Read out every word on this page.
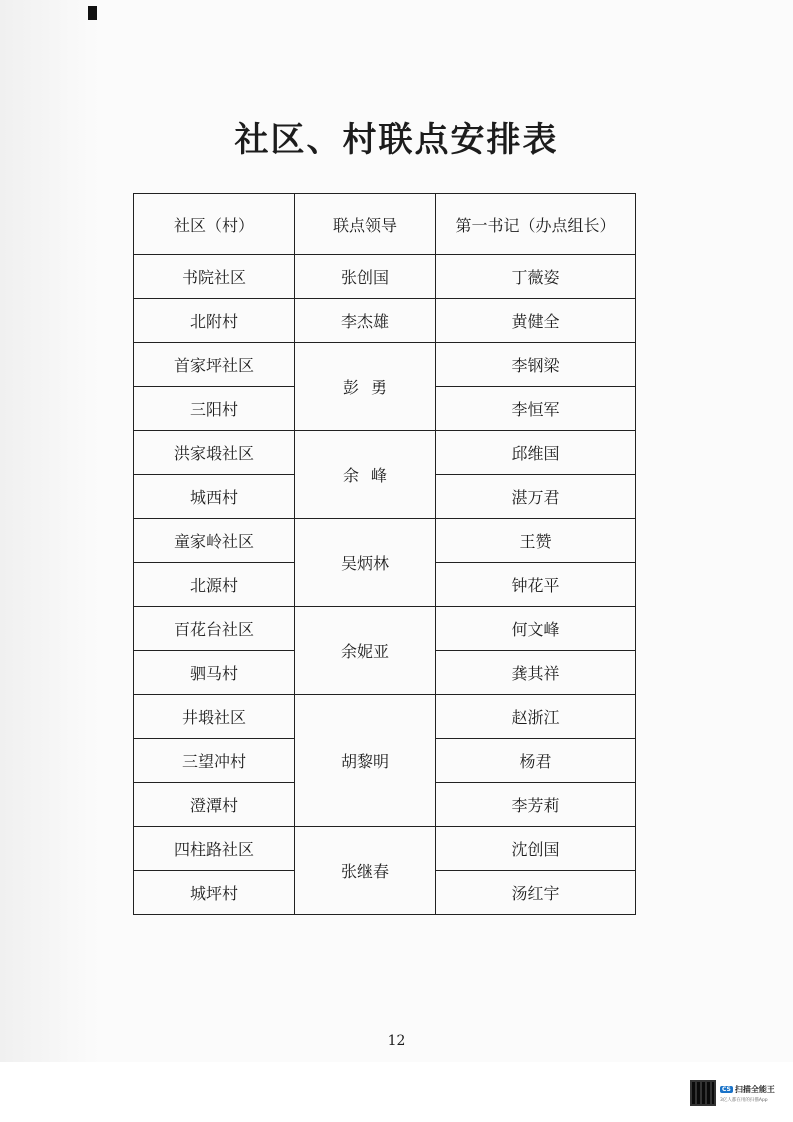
社区、村联点安排表
社区（村）	联点领导	第一书记（办点组长）
书院社区	张创国	丁薇姿
北附村	李杰雄	黄健全
首家坪社区	彭勇	李钢梁
三阳村		李恒军
洪家塅社区	余峰	邱维国
城西村		湛万君
童家岭社区	吴炳林	王赞
北源村		钟花平
百花台社区	余妮亚	何文峰
驷马村		龚其祥
井塅社区	胡黎明	赵浙江
三望冲村		杨君
澄潭村		李芳莉
四柱路社区	张继春	沈创国
城坪村		汤红宇
12
CS 扫描全能王
3亿人都在用的扫描App
